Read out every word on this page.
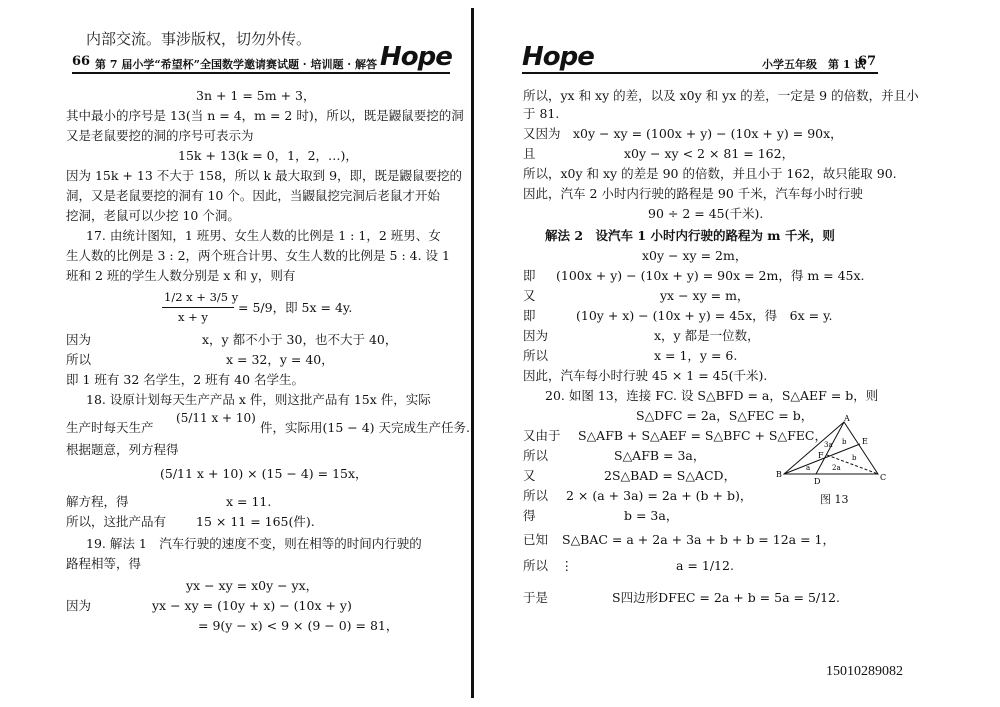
内部交流。事涉版权，切勿外传。
66 第 7 届小学“希望杯”全国数学邀请赛试题 · 培训题 · 解答 Hope
3n + 1 = 5m + 3，
其中最小的序号是 13(当 n = 4，m = 2 时)，所以，既是鼹鼠要挖的洞
又是老鼠要挖的洞的序号可表示为
15k + 13(k = 0，1，2，…)，
因为 15k + 13 不大于 158，所以 k 最大取到 9，即，既是鼹鼠要挖的
洞，又是老鼠要挖的洞有 10 个。因此，当鼹鼠挖完洞后老鼠才开始
挖洞，老鼠可以少挖 10 个洞。
17. 由统计图知，1 班男、女生人数的比例是 1 : 1，2 班男、女
生人数的比例是 3 : 2，两个班合计男、女生人数的比例是 5 : 4. 设 1
班和 2 班的学生人数分别是 x 和 y，则有
1/2 x + 3/5 y
x + y
= 5/9，即 5x = 4y.
因为	x，y 都不小于 30，也不大于 40，
所以	x = 32，y = 40，
即 1 班有 32 名学生，2 班有 40 名学生。
18. 设原计划每天生产产品 x 件，则这批产品有 15x 件，实际
生产时每天生产
(5/11 x + 10)
件，实际用(15 − 4) 天完成生产任务.
根据题意，列方程得
(5/11 x + 10) × (15 − 4) = 15x，
解方程，得	x = 11.
所以，这批产品有 15 × 11 = 165(件).
19. 解法 1　汽车行驶的速度不变，则在相等的时间内行驶的
路程相等，得
yx − xy = x0y − yx，
因为	yx − xy = (10y + x) − (10x + y)
= 9(y − x) < 9 × (9 − 0) = 81，
Hope	小学五年级　第 1 试
67
所以，yx 和 xy 的差，以及 x0y 和 yx 的差，一定是 9 的倍数，并且小
于 81.
又因为　x0y − xy = (100x + y) − (10x + y) = 90x，
且	x0y − xy < 2 × 81 = 162，
所以，x0y 和 xy 的差是 90 的倍数，并且小于 162，故只能取 90.
因此，汽车 2 小时内行驶的路程是 90 千米，汽车每小时行驶
90 ÷ 2 = 45(千米).
解法 2　设汽车 1 小时内行驶的路程为 m 千米，则
x0y − xy = 2m，
即 (100x + y) − (10x + y) = 90x = 2m，得 m = 45x.
又	yx − xy = m，
即	(10y + x) − (10x + y) = 45x，得　6x = y.
因为	x，y 都是一位数，
所以	x = 1，y = 6.
因此，汽车每小时行驶 45 × 1 = 45(千米).
20. 如图 13，连接 FC. 设 S△BFD = a，S△AEF = b，则
S△DFC = 2a，S△FEC = b，
又由于 S△AFB + S△AEF = S△BFC + S△FEC，
所以	S△AFB = 3a，
又	2S△BAD = S△ACD，
所以 2 × (a + 3a) = 2a + (b + b)，
得	b = 3a，
已知 S△BAC = a + 2a + 3a + b + b = 12a = 1，
所以　⋮	a = 1/12.
于是	S四边形DFEC = 2a + b = 5a = 5/12.
A
B	C
D
E
F
3a b
b
2a
a
图 13
15010289082
